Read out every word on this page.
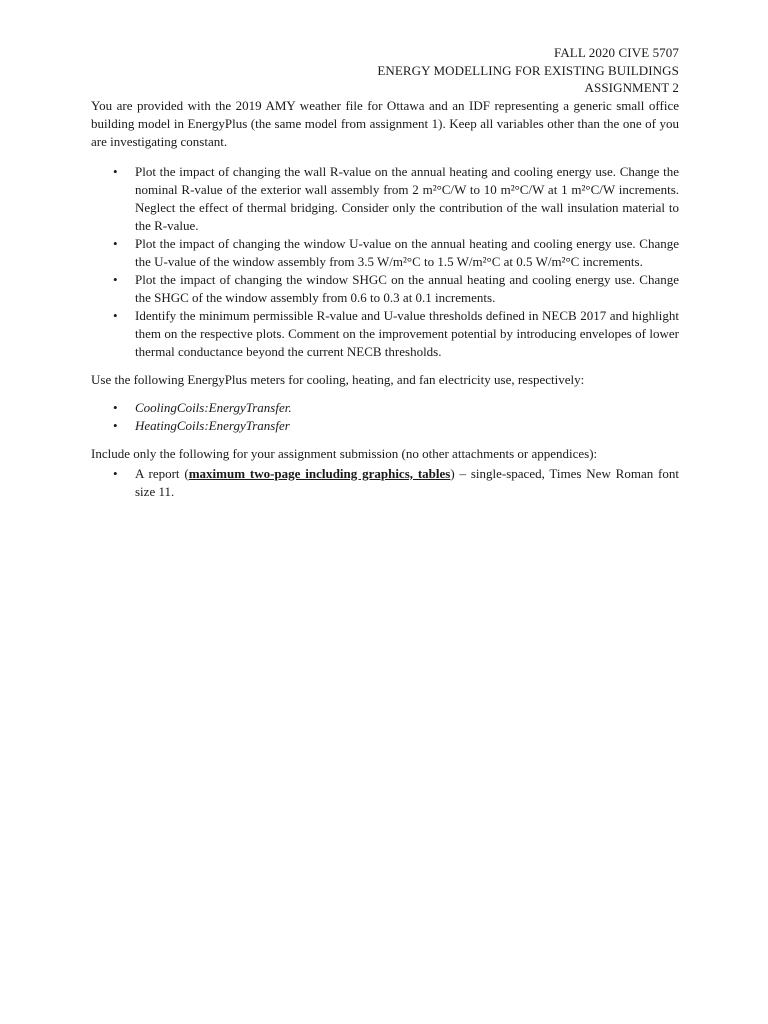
FALL 2020 CIVE 5707
ENERGY MODELLING FOR EXISTING BUILDINGS
ASSIGNMENT 2

You are provided with the 2019 AMY weather file for Ottawa and an IDF representing a generic small office building model in EnergyPlus (the same model from assignment 1). Keep all variables other than the one of you are investigating constant.

• Plot the impact of changing the wall R-value on the annual heating and cooling energy use. Change the nominal R-value of the exterior wall assembly from 2 m²°C/W to 10 m²°C/W at 1 m²°C/W increments. Neglect the effect of thermal bridging. Consider only the contribution of the wall insulation material to the R-value.
• Plot the impact of changing the window U-value on the annual heating and cooling energy use. Change the U-value of the window assembly from 3.5 W/m²°C to 1.5 W/m²°C at 0.5 W/m²°C increments.
• Plot the impact of changing the window SHGC on the annual heating and cooling energy use. Change the SHGC of the window assembly from 0.6 to 0.3 at 0.1 increments.
• Identify the minimum permissible R-value and U-value thresholds defined in NECB 2017 and highlight them on the respective plots. Comment on the improvement potential by introducing envelopes of lower thermal conductance beyond the current NECB thresholds.

Use the following EnergyPlus meters for cooling, heating, and fan electricity use, respectively:

• CoolingCoils:EnergyTransfer.
• HeatingCoils:EnergyTransfer

Include only the following for your assignment submission (no other attachments or appendices):

• A report (maximum two-page including graphics, tables) – single-spaced, Times New Roman font size 11.
